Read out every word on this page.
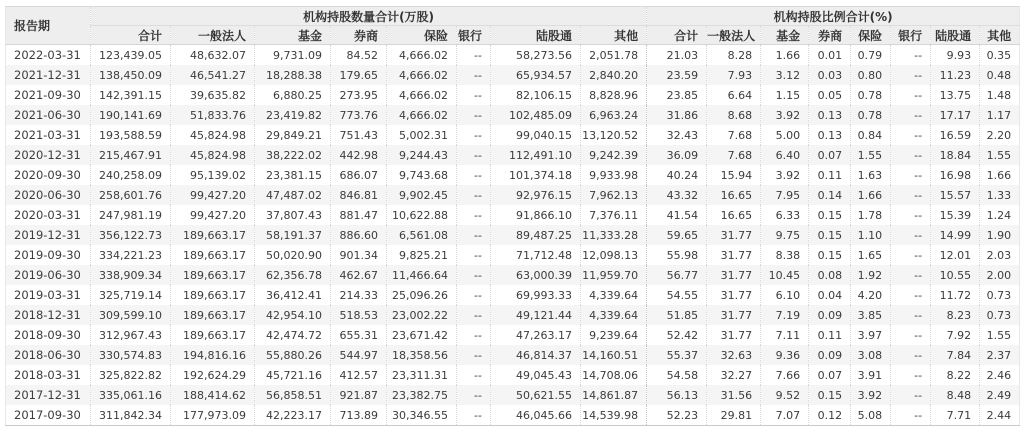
报告期	机构持股数量合计(万股)								机构持股比例合计(%)							
	合计	一般法人	基金	券商	保险	银行	陆股通	其他	合计	一般法人	基金	券商	保险	银行	陆股通	其他
2022-03-31	123,439.05	48,632.07	9,731.09	84.52	4,666.02	--	58,273.56	2,051.78	21.03	8.28	1.66	0.01	0.79	--	9.93	0.35
2021-12-31	138,450.09	46,541.27	18,288.38	179.65	4,666.02	--	65,934.57	2,840.20	23.59	7.93	3.12	0.03	0.80	--	11.23	0.48
2021-09-30	142,391.15	39,635.82	6,880.25	273.95	4,666.02	--	82,106.15	8,828.96	23.85	6.64	1.15	0.05	0.78	--	13.75	1.48
2021-06-30	190,141.69	51,833.76	23,419.82	773.76	4,666.02	--	102,485.09	6,963.24	31.86	8.68	3.92	0.13	0.78	--	17.17	1.17
2021-03-31	193,588.59	45,824.98	29,849.21	751.43	5,002.31	--	99,040.15	13,120.52	32.43	7.68	5.00	0.13	0.84	--	16.59	2.20
2020-12-31	215,467.91	45,824.98	38,222.02	442.98	9,244.43	--	112,491.10	9,242.39	36.09	7.68	6.40	0.07	1.55	--	18.84	1.55
2020-09-30	240,258.09	95,139.02	23,381.15	686.07	9,743.68	--	101,374.18	9,933.98	40.24	15.94	3.92	0.11	1.63	--	16.98	1.66
2020-06-30	258,601.76	99,427.20	47,487.02	846.81	9,902.45	--	92,976.15	7,962.13	43.32	16.65	7.95	0.14	1.66	--	15.57	1.33
2020-03-31	247,981.19	99,427.20	37,807.43	881.47	10,622.88	--	91,866.10	7,376.11	41.54	16.65	6.33	0.15	1.78	--	15.39	1.24
2019-12-31	356,122.73	189,663.17	58,191.37	886.60	6,561.08	--	89,487.25	11,333.28	59.65	31.77	9.75	0.15	1.10	--	14.99	1.90
2019-09-30	334,221.23	189,663.17	50,020.90	901.34	9,825.21	--	71,712.48	12,098.13	55.98	31.77	8.38	0.15	1.65	--	12.01	2.03
2019-06-30	338,909.34	189,663.17	62,356.78	462.67	11,466.64	--	63,000.39	11,959.70	56.77	31.77	10.45	0.08	1.92	--	10.55	2.00
2019-03-31	325,719.14	189,663.17	36,412.41	214.33	25,096.26	--	69,993.33	4,339.64	54.55	31.77	6.10	0.04	4.20	--	11.72	0.73
2018-12-31	309,599.10	189,663.17	42,954.10	518.53	23,002.22	--	49,121.44	4,339.64	51.85	31.77	7.19	0.09	3.85	--	8.23	0.73
2018-09-30	312,967.43	189,663.17	42,474.72	655.31	23,671.42	--	47,263.17	9,239.64	52.42	31.77	7.11	0.11	3.97	--	7.92	1.55
2018-06-30	330,574.83	194,816.16	55,880.26	544.97	18,358.56	--	46,814.37	14,160.51	55.37	32.63	9.36	0.09	3.08	--	7.84	2.37
2018-03-31	325,822.82	192,624.29	45,721.16	412.57	23,311.31	--	49,045.43	14,708.06	54.58	32.27	7.66	0.07	3.91	--	8.22	2.46
2017-12-31	335,061.16	188,414.62	56,858.51	921.87	23,382.75	--	50,621.55	14,861.87	56.13	31.56	9.52	0.15	3.92	--	8.48	2.49
2017-09-30	311,842.34	177,973.09	42,223.17	713.89	30,346.55	--	46,045.66	14,539.98	52.23	29.81	7.07	0.12	5.08	--	7.71	2.44
